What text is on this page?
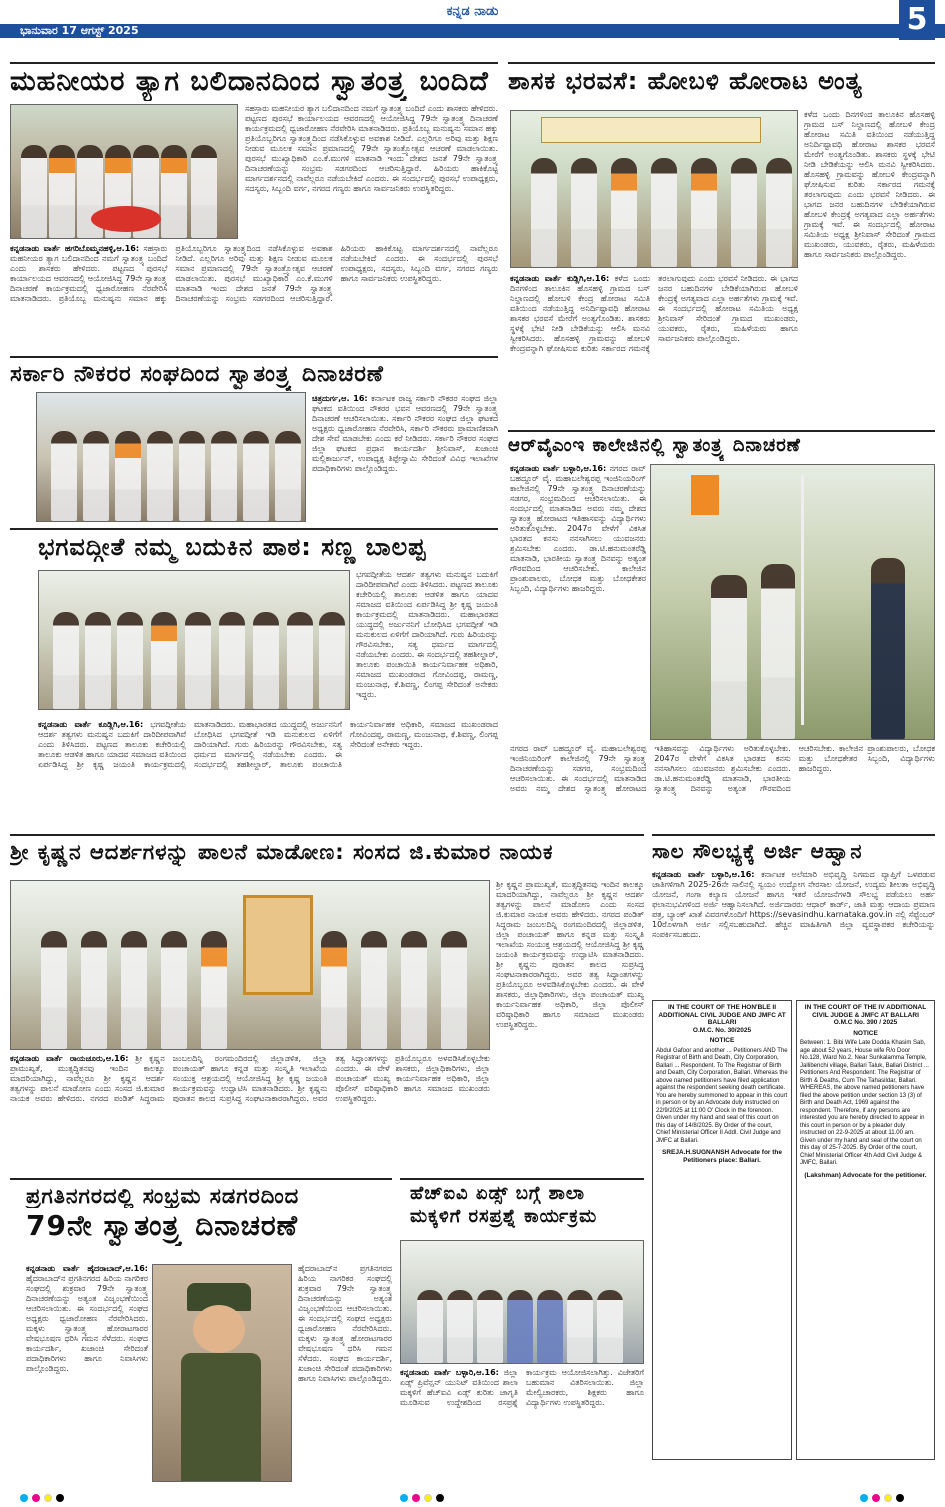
ಭಾನುವಾರ 17 ಆಗಸ್ಟ್ 2025
ಕನ್ನಡ ನಾಡು	5
ಮಹನೀಯರ ತ್ಯಾಗ ಬಲಿದಾನದಿಂದ ಸ್ವಾತಂತ್ರ್ಯ ಬಂದಿದೆ
ಕನ್ನಡನಾಡು ವಾರ್ತೆ ಹಗರಿಬೊಮ್ಮನಹಳ್ಳಿ,ಆ.16: ಸಹಸ್ರಾರು ಮಹನೀಯರ ತ್ಯಾಗ ಬಲಿದಾನದಿಂದ ನಮಗೆ ಸ್ವಾತಂತ್ರ್ಯ ಬಂದಿದೆ ಎಂದು ಶಾಸಕರು ಹೇಳಿದರು. ಪಟ್ಟಣದ ಪುರಸಭೆ ಕಾರ್ಯಾಲಯದ ಆವರಣದಲ್ಲಿ ಆಯೋಜಿಸಿದ್ದ 79ನೇ ಸ್ವಾತಂತ್ರ್ಯ ದಿನಾಚರಣೆ ಕಾರ್ಯಕ್ರಮದಲ್ಲಿ ಧ್ವಜಾರೋಹಣ ನೆರವೇರಿಸಿ ಮಾತನಾಡಿದರು. ಪ್ರತಿಯೊಬ್ಬ ಮನುಷ್ಯನು ಸಮಾನ ಹಕ್ಕು ಪ್ರತಿಯೊಬ್ಬರಿಗೂ ಸ್ವಾತಂತ್ರ್ಯದಿಂದ ನಡೆಸಿಕೊಳ್ಳುವ ಅವಕಾಶ ನೀಡಿದೆ. ಎಲ್ಲರಿಗೂ ಅರಿವು ಮತ್ತು ಶಿಕ್ಷಣ ನೀಡುವ ಮೂಲಕ ಸಮಾನ ಪ್ರಮಾಣದಲ್ಲಿ 79ನೇ ಸ್ವಾತಂತ್ರ್ಯೋತ್ಸವ ಆಚರಣೆ ಮಾಡಲಾಯಿತು. ಪುರಸಭೆ ಮುಖ್ಯಾಧಿಕಾರಿ ಎಂ.ಕೆ.ಮುಗಳಿ ಮಾತನಾಡಿ ಇಂದು ದೇಶದ ಜನತೆ 79ನೇ ಸ್ವಾತಂತ್ರ್ಯ ದಿನಾಚರಣೆಯನ್ನು ಸಂಭ್ರಮ ಸಡಗರದಿಂದ ಆಚರಿಸುತ್ತಿದ್ದಾರೆ. ಹಿರಿಯರು ಹಾಕಿಕೊಟ್ಟ ಮಾರ್ಗದರ್ಶನದಲ್ಲಿ ನಾವೆಲ್ಲರೂ ನಡೆಯಬೇಕಿದೆ ಎಂದರು. ಈ ಸಂದರ್ಭದಲ್ಲಿ ಪುರಸಭೆ ಉಪಾಧ್ಯಕ್ಷರು, ಸದಸ್ಯರು, ಸಿಬ್ಬಂದಿ ವರ್ಗ, ನಗರದ ಗಣ್ಯರು ಹಾಗೂ ಸಾರ್ವಜನಿಕರು ಉಪಸ್ಥಿತರಿದ್ದರು.
ಸಹಸ್ರಾರು ಮಹನೀಯರ ತ್ಯಾಗ ಬಲಿದಾನದಿಂದ ನಮಗೆ ಸ್ವಾತಂತ್ರ್ಯ ಬಂದಿದೆ ಎಂದು ಶಾಸಕರು ಹೇಳಿದರು. ಪಟ್ಟಣದ ಪುರಸಭೆ ಕಾರ್ಯಾಲಯದ ಆವರಣದಲ್ಲಿ ಆಯೋಜಿಸಿದ್ದ 79ನೇ ಸ್ವಾತಂತ್ರ್ಯ ದಿನಾಚರಣೆ ಕಾರ್ಯಕ್ರಮದಲ್ಲಿ ಧ್ವಜಾರೋಹಣ ನೆರವೇರಿಸಿ ಮಾತನಾಡಿದರು. ಪ್ರತಿಯೊಬ್ಬ ಮನುಷ್ಯನು ಸಮಾನ ಹಕ್ಕು ಪ್ರತಿಯೊಬ್ಬರಿಗೂ ಸ್ವಾತಂತ್ರ್ಯದಿಂದ ನಡೆಸಿಕೊಳ್ಳುವ ಅವಕಾಶ ನೀಡಿದೆ. ಎಲ್ಲರಿಗೂ ಅರಿವು ಮತ್ತು ಶಿಕ್ಷಣ ನೀಡುವ ಮೂಲಕ ಸಮಾನ ಪ್ರಮಾಣದಲ್ಲಿ 79ನೇ ಸ್ವಾತಂತ್ರ್ಯೋತ್ಸವ ಆಚರಣೆ ಮಾಡಲಾಯಿತು. ಪುರಸಭೆ ಮುಖ್ಯಾಧಿಕಾರಿ ಎಂ.ಕೆ.ಮುಗಳಿ ಮಾತನಾಡಿ ಇಂದು ದೇಶದ ಜನತೆ 79ನೇ ಸ್ವಾತಂತ್ರ್ಯ ದಿನಾಚರಣೆಯನ್ನು ಸಂಭ್ರಮ ಸಡಗರದಿಂದ ಆಚರಿಸುತ್ತಿದ್ದಾರೆ. ಹಿರಿಯರು ಹಾಕಿಕೊಟ್ಟ ಮಾರ್ಗದರ್ಶನದಲ್ಲಿ ನಾವೆಲ್ಲರೂ ನಡೆಯಬೇಕಿದೆ ಎಂದರು. ಈ ಸಂದರ್ಭದಲ್ಲಿ ಪುರಸಭೆ ಉಪಾಧ್ಯಕ್ಷರು, ಸದಸ್ಯರು, ಸಿಬ್ಬಂದಿ ವರ್ಗ, ನಗರದ ಗಣ್ಯರು ಹಾಗೂ ಸಾರ್ವಜನಿಕರು ಉಪಸ್ಥಿತರಿದ್ದರು.
ಶಾಸಕ ಭರವಸೆ: ಹೋಬಳಿ ಹೋರಾಟ ಅಂತ್ಯ
ಕಳೆದ ಒಂದು ದಿನಗಳಿಂದ ತಾಲೂಕಿನ ಹೊಸಹಳ್ಳಿ ಗ್ರಾಮದ ಬಸ್ ನಿಲ್ದಾಣದಲ್ಲಿ ಹೋಬಳಿ ಕೇಂದ್ರ ಹೋರಾಟ ಸಮಿತಿ ವತಿಯಿಂದ ನಡೆಯುತ್ತಿದ್ದ ಅನಿರ್ದಿಷ್ಟಾವಧಿ ಹೋರಾಟ ಶಾಸಕರ ಭರವಸೆ ಮೇರೆಗೆ ಅಂತ್ಯಗೊಂಡಿತು. ಶಾಸಕರು ಸ್ಥಳಕ್ಕೆ ಭೇಟಿ ನೀಡಿ ಬೇಡಿಕೆಯನ್ನು ಆಲಿಸಿ ಮನವಿ ಸ್ವೀಕರಿಸಿದರು. ಹೊಸಹಳ್ಳಿ ಗ್ರಾಮವನ್ನು ಹೋಬಳಿ ಕೇಂದ್ರವನ್ನಾಗಿ ಘೋಷಿಸುವ ಕುರಿತು ಸರ್ಕಾರದ ಗಮನಕ್ಕೆ ತರಲಾಗುವುದು ಎಂದು ಭರವಸೆ ನೀಡಿದರು. ಈ ಭಾಗದ ಜನರ ಬಹುದಿನಗಳ ಬೇಡಿಕೆಯಾಗಿರುವ ಹೋಬಳಿ ಕೇಂದ್ರಕ್ಕೆ ಅಗತ್ಯವಾದ ಎಲ್ಲಾ ಅರ್ಹತೆಗಳು ಗ್ರಾಮಕ್ಕೆ ಇವೆ. ಈ ಸಂದರ್ಭದಲ್ಲಿ ಹೋರಾಟ ಸಮಿತಿಯ ಅಧ್ಯಕ್ಷ ಶ್ರೀನಿವಾಸ್ ಸೇರಿದಂತೆ ಗ್ರಾಮದ ಮುಖಂಡರು, ಯುವಕರು, ರೈತರು, ಮಹಿಳೆಯರು ಹಾಗೂ ಸಾರ್ವಜನಿಕರು ಪಾಲ್ಗೊಂಡಿದ್ದರು.
ಕನ್ನಡನಾಡು ವಾರ್ತೆ ಕುಡ್ಲಿಗಿ,ಆ.16: ಕಳೆದ ಒಂದು ದಿನಗಳಿಂದ ತಾಲೂಕಿನ ಹೊಸಹಳ್ಳಿ ಗ್ರಾಮದ ಬಸ್ ನಿಲ್ದಾಣದಲ್ಲಿ ಹೋಬಳಿ ಕೇಂದ್ರ ಹೋರಾಟ ಸಮಿತಿ ವತಿಯಿಂದ ನಡೆಯುತ್ತಿದ್ದ ಅನಿರ್ದಿಷ್ಟಾವಧಿ ಹೋರಾಟ ಶಾಸಕರ ಭರವಸೆ ಮೇರೆಗೆ ಅಂತ್ಯಗೊಂಡಿತು. ಶಾಸಕರು ಸ್ಥಳಕ್ಕೆ ಭೇಟಿ ನೀಡಿ ಬೇಡಿಕೆಯನ್ನು ಆಲಿಸಿ ಮನವಿ ಸ್ವೀಕರಿಸಿದರು. ಹೊಸಹಳ್ಳಿ ಗ್ರಾಮವನ್ನು ಹೋಬಳಿ ಕೇಂದ್ರವನ್ನಾಗಿ ಘೋಷಿಸುವ ಕುರಿತು ಸರ್ಕಾರದ ಗಮನಕ್ಕೆ ತರಲಾಗುವುದು ಎಂದು ಭರವಸೆ ನೀಡಿದರು. ಈ ಭಾಗದ ಜನರ ಬಹುದಿನಗಳ ಬೇಡಿಕೆಯಾಗಿರುವ ಹೋಬಳಿ ಕೇಂದ್ರಕ್ಕೆ ಅಗತ್ಯವಾದ ಎಲ್ಲಾ ಅರ್ಹತೆಗಳು ಗ್ರಾಮಕ್ಕೆ ಇವೆ. ಈ ಸಂದರ್ಭದಲ್ಲಿ ಹೋರಾಟ ಸಮಿತಿಯ ಅಧ್ಯಕ್ಷ ಶ್ರೀನಿವಾಸ್ ಸೇರಿದಂತೆ ಗ್ರಾಮದ ಮುಖಂಡರು, ಯುವಕರು, ರೈತರು, ಮಹಿಳೆಯರು ಹಾಗೂ ಸಾರ್ವಜನಿಕರು ಪಾಲ್ಗೊಂಡಿದ್ದರು.
ಸರ್ಕಾರಿ ನೌಕರರ ಸಂಘದಿಂದ ಸ್ವಾತಂತ್ರ್ಯ ದಿನಾಚರಣೆ
ಚಿತ್ರದುರ್ಗ,ಆ. 16: ಕರ್ನಾಟಕ ರಾಜ್ಯ ಸರ್ಕಾರಿ ನೌಕರರ ಸಂಘದ ಜಿಲ್ಲಾ ಘಟಕದ ವತಿಯಿಂದ ನೌಕರರ ಭವನ ಆವರಣದಲ್ಲಿ 79ನೇ ಸ್ವಾತಂತ್ರ್ಯ ದಿನಾಚರಣೆ ಆಚರಿಸಲಾಯಿತು. ಸರ್ಕಾರಿ ನೌಕರರ ಸಂಘದ ಜಿಲ್ಲಾ ಘಟಕದ ಅಧ್ಯಕ್ಷರು ಧ್ವಜಾರೋಹಣ ನೆರವೇರಿಸಿ, ಸರ್ಕಾರಿ ನೌಕರರು ಪ್ರಾಮಾಣಿಕವಾಗಿ ದೇಶ ಸೇವೆ ಮಾಡಬೇಕು ಎಂದು ಕರೆ ನೀಡಿದರು. ಸರ್ಕಾರಿ ನೌಕರರ ಸಂಘದ ಜಿಲ್ಲಾ ಘಟಕದ ಪ್ರಧಾನ ಕಾರ್ಯದರ್ಶಿ ಶ್ರೀನಿವಾಸ್, ಖಜಾಂಚಿ ಮಲ್ಲಿಕಾರ್ಜುನ್, ಉಪಾಧ್ಯಕ್ಷ ತಿಪ್ಪೇಸ್ವಾಮಿ ಸೇರಿದಂತೆ ವಿವಿಧ ಇಲಾಖೆಗಳ ಪದಾಧಿಕಾರಿಗಳು ಪಾಲ್ಗೊಂಡಿದ್ದರು.
ಆರ್‌ವೈಎಂಇ ಕಾಲೇಜಿನಲ್ಲಿ ಸ್ವಾತಂತ್ರ್ಯ ದಿನಾಚರಣೆ
ಕನ್ನಡನಾಡು ವಾರ್ತೆ ಬಳ್ಳಾರಿ,ಆ.16: ನಗರದ ರಾವ್ ಬಹದ್ದೂರ್ ವೈ. ಮಹಾಬಲೇಶ್ವರಪ್ಪ ಇಂಜಿನಿಯರಿಂಗ್ ಕಾಲೇಜಿನಲ್ಲಿ 79ನೇ ಸ್ವಾತಂತ್ರ್ಯ ದಿನಾಚರಣೆಯನ್ನು ಸಡಗರ, ಸಂಭ್ರಮದಿಂದ ಆಚರಿಸಲಾಯಿತು. ಈ ಸಂದರ್ಭದಲ್ಲಿ ಮಾತನಾಡಿದ ಅವರು ನಮ್ಮ ದೇಶದ ಸ್ವಾತಂತ್ರ್ಯ ಹೋರಾಟದ ಇತಿಹಾಸವನ್ನು ವಿದ್ಯಾರ್ಥಿಗಳು ಅರಿತುಕೊಳ್ಳಬೇಕು. 2047ರ ವೇಳೆಗೆ ವಿಕಸಿತ ಭಾರತದ ಕನಸು ನನಸಾಗಿಸಲು ಯುವಜನರು ಶ್ರಮಿಸಬೇಕು ಎಂದರು. ಡಾ.ಟಿ.ಹನುಮಂತರೆಡ್ಡಿ ಮಾತನಾಡಿ, ಭಾರತೀಯ ಸ್ವಾತಂತ್ರ್ಯ ದಿನವನ್ನು ಅತ್ಯಂತ ಗೌರವದಿಂದ ಆಚರಿಸಬೇಕು. ಕಾಲೇಜಿನ ಪ್ರಾಂಶುಪಾಲರು, ಬೋಧಕ ಮತ್ತು ಬೋಧಕೇತರ ಸಿಬ್ಬಂದಿ, ವಿದ್ಯಾರ್ಥಿಗಳು ಹಾಜರಿದ್ದರು.
ನಗರದ ರಾವ್ ಬಹದ್ದೂರ್ ವೈ. ಮಹಾಬಲೇಶ್ವರಪ್ಪ ಇಂಜಿನಿಯರಿಂಗ್ ಕಾಲೇಜಿನಲ್ಲಿ 79ನೇ ಸ್ವಾತಂತ್ರ್ಯ ದಿನಾಚರಣೆಯನ್ನು ಸಡಗರ, ಸಂಭ್ರಮದಿಂದ ಆಚರಿಸಲಾಯಿತು. ಈ ಸಂದರ್ಭದಲ್ಲಿ ಮಾತನಾಡಿದ ಅವರು ನಮ್ಮ ದೇಶದ ಸ್ವಾತಂತ್ರ್ಯ ಹೋರಾಟದ ಇತಿಹಾಸವನ್ನು ವಿದ್ಯಾರ್ಥಿಗಳು ಅರಿತುಕೊಳ್ಳಬೇಕು. 2047ರ ವೇಳೆಗೆ ವಿಕಸಿತ ಭಾರತದ ಕನಸು ನನಸಾಗಿಸಲು ಯುವಜನರು ಶ್ರಮಿಸಬೇಕು ಎಂದರು. ಡಾ.ಟಿ.ಹನುಮಂತರೆಡ್ಡಿ ಮಾತನಾಡಿ, ಭಾರತೀಯ ಸ್ವಾತಂತ್ರ್ಯ ದಿನವನ್ನು ಅತ್ಯಂತ ಗೌರವದಿಂದ ಆಚರಿಸಬೇಕು. ಕಾಲೇಜಿನ ಪ್ರಾಂಶುಪಾಲರು, ಬೋಧಕ ಮತ್ತು ಬೋಧಕೇತರ ಸಿಬ್ಬಂದಿ, ವಿದ್ಯಾರ್ಥಿಗಳು ಹಾಜರಿದ್ದರು.
ಭಗವದ್ಗೀತೆ ನಮ್ಮ ಬದುಕಿನ ಪಾಠ: ಸಣ್ಣ ಬಾಲಪ್ಪ
ಭಗವದ್ಗೀತೆಯ ಆದರ್ಶ ತತ್ವಗಳು ಮನುಷ್ಯನ ಬದುಕಿಗೆ ದಾರಿದೀಪವಾಗಿವೆ ಎಂದು ತಿಳಿಸಿದರು. ಪಟ್ಟಣದ ತಾಲೂಕು ಕಚೇರಿಯಲ್ಲಿ ತಾಲೂಕು ಆಡಳಿತ ಹಾಗೂ ಯಾದವ ಸಮಾಜದ ವತಿಯಿಂದ ಏರ್ಪಡಿಸಿದ್ದ ಶ್ರೀ ಕೃಷ್ಣ ಜಯಂತಿ ಕಾರ್ಯಕ್ರಮದಲ್ಲಿ ಮಾತನಾಡಿದರು. ಮಹಾಭಾರತದ ಯುದ್ಧದಲ್ಲಿ ಅರ್ಜುನನಿಗೆ ಬೋಧಿಸಿದ ಭಗವದ್ಗೀತೆ ಇಡಿ ಮನುಕುಲದ ಏಳಿಗೆಗೆ ದಾರಿಯಾಗಿದೆ. ಗುರು ಹಿರಿಯರನ್ನು ಗೌರವಿಸಬೇಕು, ಸತ್ಯ ಧರ್ಮದ ಮಾರ್ಗದಲ್ಲಿ ನಡೆಯಬೇಕು ಎಂದರು. ಈ ಸಂದರ್ಭದಲ್ಲಿ ತಹಶೀಲ್ದಾರ್, ತಾಲೂಕು ಪಂಚಾಯಿತಿ ಕಾರ್ಯನಿರ್ವಾಹಕ ಅಧಿಕಾರಿ, ಸಮಾಜದ ಮುಖಂಡರಾದ ಗೋವಿಂದಪ್ಪ, ರಾಮಣ್ಣ, ಮಂಜುನಾಥ, ಕೆ.ಶಿವಣ್ಣ, ಲಿಂಗಪ್ಪ ಸೇರಿದಂತೆ ಅನೇಕರು ಇದ್ದರು.
ಕನ್ನಡನಾಡು ವಾರ್ತೆ ಕೂಡ್ಲಿಗಿ,ಆ.16: ಭಗವದ್ಗೀತೆಯ ಆದರ್ಶ ತತ್ವಗಳು ಮನುಷ್ಯನ ಬದುಕಿಗೆ ದಾರಿದೀಪವಾಗಿವೆ ಎಂದು ತಿಳಿಸಿದರು. ಪಟ್ಟಣದ ತಾಲೂಕು ಕಚೇರಿಯಲ್ಲಿ ತಾಲೂಕು ಆಡಳಿತ ಹಾಗೂ ಯಾದವ ಸಮಾಜದ ವತಿಯಿಂದ ಏರ್ಪಡಿಸಿದ್ದ ಶ್ರೀ ಕೃಷ್ಣ ಜಯಂತಿ ಕಾರ್ಯಕ್ರಮದಲ್ಲಿ ಮಾತನಾಡಿದರು. ಮಹಾಭಾರತದ ಯುದ್ಧದಲ್ಲಿ ಅರ್ಜುನನಿಗೆ ಬೋಧಿಸಿದ ಭಗವದ್ಗೀತೆ ಇಡಿ ಮನುಕುಲದ ಏಳಿಗೆಗೆ ದಾರಿಯಾಗಿದೆ. ಗುರು ಹಿರಿಯರನ್ನು ಗೌರವಿಸಬೇಕು, ಸತ್ಯ ಧರ್ಮದ ಮಾರ್ಗದಲ್ಲಿ ನಡೆಯಬೇಕು ಎಂದರು. ಈ ಸಂದರ್ಭದಲ್ಲಿ ತಹಶೀಲ್ದಾರ್, ತಾಲೂಕು ಪಂಚಾಯಿತಿ ಕಾರ್ಯನಿರ್ವಾಹಕ ಅಧಿಕಾರಿ, ಸಮಾಜದ ಮುಖಂಡರಾದ ಗೋವಿಂದಪ್ಪ, ರಾಮಣ್ಣ, ಮಂಜುನಾಥ, ಕೆ.ಶಿವಣ್ಣ, ಲಿಂಗಪ್ಪ ಸೇರಿದಂತೆ ಅನೇಕರು ಇದ್ದರು.
ಶ್ರೀ ಕೃಷ್ಣನ ಆದರ್ಶಗಳನ್ನು ಪಾಲನೆ ಮಾಡೋಣ: ಸಂಸದ ಜಿ.ಕುಮಾರ ನಾಯಕ
ಶ್ರೀ ಕೃಷ್ಣನ ಪ್ರಾಮುಖ್ಯತೆ, ಮುತ್ಸದ್ಧಿತನವು ಇಂದಿನ ಕಾಲಕ್ಕೂ ಮಾದರಿಯಾಗಿದ್ದು, ನಾವೆಲ್ಲರೂ ಶ್ರೀ ಕೃಷ್ಣನ ಆದರ್ಶ ತತ್ವಗಳನ್ನು ಪಾಲನೆ ಮಾಡೋಣ ಎಂದು ಸಂಸದ ಜಿ.ಕುಮಾರ ನಾಯಕ ಅವರು ಹೇಳಿದರು. ನಗರದ ಪಂಡಿತ್ ಸಿದ್ಧರಾಮ ಜಂಬಲದಿನ್ನಿ ರಂಗಮಂದಿರದಲ್ಲಿ ಜಿಲ್ಲಾಡಳಿತ, ಜಿಲ್ಲಾ ಪಂಚಾಯತ್ ಹಾಗೂ ಕನ್ನಡ ಮತ್ತು ಸಂಸ್ಕೃತಿ ಇಲಾಖೆಯ ಸಂಯುಕ್ತ ಆಶ್ರಯದಲ್ಲಿ ಆಯೋಜಿಸಿದ್ದ ಶ್ರೀ ಕೃಷ್ಣ ಜಯಂತಿ ಕಾರ್ಯಕ್ರಮವನ್ನು ಉದ್ಘಾಟಿಸಿ ಮಾತನಾಡಿದರು. ಶ್ರೀ ಕೃಷ್ಣನು ಪುರಾತನ ಕಾಲದ ಸುಪ್ರಸಿದ್ಧ ಸಂಘಟನಾಕಾರರಾಗಿದ್ದರು. ಅವರ ತತ್ವ ಸಿದ್ಧಾಂತಗಳನ್ನು ಪ್ರತಿಯೊಬ್ಬರೂ ಅಳವಡಿಸಿಕೊಳ್ಳಬೇಕು ಎಂದರು. ಈ ವೇಳೆ ಶಾಸಕರು, ಜಿಲ್ಲಾಧಿಕಾರಿಗಳು, ಜಿಲ್ಲಾ ಪಂಚಾಯತ್ ಮುಖ್ಯ ಕಾರ್ಯನಿರ್ವಾಹಕ ಅಧಿಕಾರಿ, ಜಿಲ್ಲಾ ಪೊಲೀಸ್ ವರಿಷ್ಠಾಧಿಕಾರಿ ಹಾಗೂ ಸಮಾಜದ ಮುಖಂಡರು ಉಪಸ್ಥಿತರಿದ್ದರು.
ಕನ್ನಡನಾಡು ವಾರ್ತೆ ರಾಯಚೂರು,ಆ.16: ಶ್ರೀ ಕೃಷ್ಣನ ಪ್ರಾಮುಖ್ಯತೆ, ಮುತ್ಸದ್ಧಿತನವು ಇಂದಿನ ಕಾಲಕ್ಕೂ ಮಾದರಿಯಾಗಿದ್ದು, ನಾವೆಲ್ಲರೂ ಶ್ರೀ ಕೃಷ್ಣನ ಆದರ್ಶ ತತ್ವಗಳನ್ನು ಪಾಲನೆ ಮಾಡೋಣ ಎಂದು ಸಂಸದ ಜಿ.ಕುಮಾರ ನಾಯಕ ಅವರು ಹೇಳಿದರು. ನಗರದ ಪಂಡಿತ್ ಸಿದ್ಧರಾಮ ಜಂಬಲದಿನ್ನಿ ರಂಗಮಂದಿರದಲ್ಲಿ ಜಿಲ್ಲಾಡಳಿತ, ಜಿಲ್ಲಾ ಪಂಚಾಯತ್ ಹಾಗೂ ಕನ್ನಡ ಮತ್ತು ಸಂಸ್ಕೃತಿ ಇಲಾಖೆಯ ಸಂಯುಕ್ತ ಆಶ್ರಯದಲ್ಲಿ ಆಯೋಜಿಸಿದ್ದ ಶ್ರೀ ಕೃಷ್ಣ ಜಯಂತಿ ಕಾರ್ಯಕ್ರಮವನ್ನು ಉದ್ಘಾಟಿಸಿ ಮಾತನಾಡಿದರು. ಶ್ರೀ ಕೃಷ್ಣನು ಪುರಾತನ ಕಾಲದ ಸುಪ್ರಸಿದ್ಧ ಸಂಘಟನಾಕಾರರಾಗಿದ್ದರು. ಅವರ ತತ್ವ ಸಿದ್ಧಾಂತಗಳನ್ನು ಪ್ರತಿಯೊಬ್ಬರೂ ಅಳವಡಿಸಿಕೊಳ್ಳಬೇಕು ಎಂದರು. ಈ ವೇಳೆ ಶಾಸಕರು, ಜಿಲ್ಲಾಧಿಕಾರಿಗಳು, ಜಿಲ್ಲಾ ಪಂಚಾಯತ್ ಮುಖ್ಯ ಕಾರ್ಯನಿರ್ವಾಹಕ ಅಧಿಕಾರಿ, ಜಿಲ್ಲಾ ಪೊಲೀಸ್ ವರಿಷ್ಠಾಧಿಕಾರಿ ಹಾಗೂ ಸಮಾಜದ ಮುಖಂಡರು ಉಪಸ್ಥಿತರಿದ್ದರು.
ಸಾಲ ಸೌಲಭ್ಯಕ್ಕೆ ಅರ್ಜಿ ಆಹ್ವಾನ
ಕನ್ನಡನಾಡು ವಾರ್ತೆ ಬಳ್ಳಾರಿ,ಆ.16: ಕರ್ನಾಟಕ ಅಲೆಮಾರಿ ಅಭಿವೃದ್ಧಿ ನಿಗಮದ ವ್ಯಾಪ್ತಿಗೆ ಒಳಪಡುವ ಜಾತಿಗಳಿಗಾಗಿ 2025-26ನೇ ಸಾಲಿನಲ್ಲಿ ಸ್ವಯಂ ಉದ್ಯೋಗ ನೇರಸಾಲ ಯೋಜನೆ, ಉದ್ಯಮ ಶೀಲತಾ ಅಭಿವೃದ್ಧಿ ಯೋಜನೆ, ಗಂಗಾ ಕಲ್ಯಾಣ ಯೋಜನೆ ಹಾಗೂ ಇತರೆ ಯೋಜನೆಗಳಡಿ ಸೌಲಭ್ಯ ಪಡೆಯಲು ಅರ್ಹ ಫಲಾನುಭವಿಗಳಿಂದ ಅರ್ಜಿ ಆಹ್ವಾನಿಸಲಾಗಿದೆ. ಅರ್ಜಿದಾರರು ಆಧಾರ್ ಕಾರ್ಡ್, ಜಾತಿ ಮತ್ತು ಆದಾಯ ಪ್ರಮಾಣ ಪತ್ರ, ಬ್ಯಾಂಕ್ ಖಾತೆ ವಿವರಗಳೊಂದಿಗೆ https://sevasindhu.karnataka.gov.in ನಲ್ಲಿ ಸೆಪ್ಟೆಂಬರ್ 10ರೊಳಗಾಗಿ ಅರ್ಜಿ ಸಲ್ಲಿಸಬಹುದಾಗಿದೆ. ಹೆಚ್ಚಿನ ಮಾಹಿತಿಗಾಗಿ ಜಿಲ್ಲಾ ವ್ಯವಸ್ಥಾಪಕರ ಕಚೇರಿಯನ್ನು ಸಂಪರ್ಕಿಸಬಹುದು.
IN THE COURT OF THE HON'BLE II ADDITIONAL CIVIL JUDGE AND JMFC AT BALLARI
O.M.C. No. 30/2025
NOTICE
Abdul Gafoor and another ... Petitioners AND The Registrar of Birth and Death, City Corporation, Ballari ... Respondent. To The Registrar of Birth and Death, City Corporation, Ballari. Whereas the above named petitioners have filed application against the respondent seeking death certificate. You are hereby summoned to appear in this court in person or by an Advocate duly instructed on 22/9/2025 at 11:00 O' Clock in the forenoon. Given under my hand and seal of this court on this day of 14/8/2025. By Order of the court, Chief Ministerial Officer II Addl. Civil Judge and JMFC at Ballari.
SREJA.H.SUGNANSH Advocate for the Petitioners place: Ballari.
IN THE COURT OF THE IV ADDITIONAL CIVIL JUDGE & JMFC AT BALLARI
O.M.C No. 390 / 2025
NOTICE
Between: 1. Bibi Wife Late Dodda Khasim Sab, age about 52 years, House wife R/o Door No.128, Ward No.2, Near Sunkalamma Temple, Jallibenchi village, Ballari Taluk, Ballari District ... Petitioners And Respondent: The Registrar of Birth & Deaths, Cum The Tahasildar, Ballari. WHEREAS, the above named petitioners have filed the above petition under section 13 (3) of Birth and Death Act, 1969 against the respondent. Therefore, if any persons are interested you are hereby directed to appear in this court in person or by a pleader duly instructed on 22-9-2025 at about 11.00 am. Given under my hand and seal of the court on this day of 25-7-2025. By Order of the court, Chief Ministerial Officer 4th Addl Civil Judge & JMFC, Ballari.
(Lakshman) Advocate for the petitioner.
ಪ್ರಗತಿನಗರದಲ್ಲಿ ಸಂಭ್ರಮ ಸಡಗರದಿಂದ
79ನೇ ಸ್ವಾತಂತ್ರ್ಯ ದಿನಾಚರಣೆ
ಕನ್ನಡನಾಡು ವಾರ್ತೆ ಹೈದರಾಬಾದ್,ಆ.16: ಹೈದರಾಬಾದ್‌ನ ಪ್ರಗತಿನಗರದ ಹಿರಿಯ ನಾಗರಿಕರ ಸಂಘದಲ್ಲಿ ಶುಕ್ರವಾರ 79ನೇ ಸ್ವಾತಂತ್ರ್ಯ ದಿನಾಚರಣೆಯನ್ನು ಅತ್ಯಂತ ವಿಜೃಂಭಣೆಯಿಂದ ಆಚರಿಸಲಾಯಿತು. ಈ ಸಂದರ್ಭದಲ್ಲಿ ಸಂಘದ ಅಧ್ಯಕ್ಷರು ಧ್ವಜಾರೋಹಣ ನೆರವೇರಿಸಿದರು. ಮಕ್ಕಳು ಸ್ವಾತಂತ್ರ್ಯ ಹೋರಾಟಗಾರರ ವೇಷಭೂಷಣ ಧರಿಸಿ ಗಮನ ಸೆಳೆದರು. ಸಂಘದ ಕಾರ್ಯದರ್ಶಿ, ಖಜಾಂಚಿ ಸೇರಿದಂತೆ ಪದಾಧಿಕಾರಿಗಳು ಹಾಗೂ ನಿವಾಸಿಗಳು ಪಾಲ್ಗೊಂಡಿದ್ದರು.
ಹೈದರಾಬಾದ್‌ನ ಪ್ರಗತಿನಗರದ ಹಿರಿಯ ನಾಗರಿಕರ ಸಂಘದಲ್ಲಿ ಶುಕ್ರವಾರ 79ನೇ ಸ್ವಾತಂತ್ರ್ಯ ದಿನಾಚರಣೆಯನ್ನು ಅತ್ಯಂತ ವಿಜೃಂಭಣೆಯಿಂದ ಆಚರಿಸಲಾಯಿತು. ಈ ಸಂದರ್ಭದಲ್ಲಿ ಸಂಘದ ಅಧ್ಯಕ್ಷರು ಧ್ವಜಾರೋಹಣ ನೆರವೇರಿಸಿದರು. ಮಕ್ಕಳು ಸ್ವಾತಂತ್ರ್ಯ ಹೋರಾಟಗಾರರ ವೇಷಭೂಷಣ ಧರಿಸಿ ಗಮನ ಸೆಳೆದರು. ಸಂಘದ ಕಾರ್ಯದರ್ಶಿ, ಖಜಾಂಚಿ ಸೇರಿದಂತೆ ಪದಾಧಿಕಾರಿಗಳು ಹಾಗೂ ನಿವಾಸಿಗಳು ಪಾಲ್ಗೊಂಡಿದ್ದರು.
ಹೆಚ್‌ಐವಿ ಏಡ್ಸ್ ಬಗ್ಗೆ ಶಾಲಾ
ಮಕ್ಕಳಿಗೆ ರಸಪ್ರಶ್ನೆ ಕಾರ್ಯಕ್ರಮ
ಕನ್ನಡನಾಡು ವಾರ್ತೆ ಬಳ್ಳಾರಿ,ಆ.16: ಜಿಲ್ಲಾ ಏಡ್ಸ್ ಪ್ರಿವೆನ್ಷನ್ ಯುನಿಟ್ ವತಿಯಿಂದ ಶಾಲಾ ಮಕ್ಕಳಿಗೆ ಹೆಚ್‌ಐವಿ ಏಡ್ಸ್ ಕುರಿತು ಜಾಗೃತಿ ಮೂಡಿಸುವ ಉದ್ದೇಶದಿಂದ ರಸಪ್ರಶ್ನೆ ಕಾರ್ಯಕ್ರಮ ಆಯೋಜಿಸಲಾಗಿತ್ತು. ವಿಜೇತರಿಗೆ ಬಹುಮಾನ ವಿತರಿಸಲಾಯಿತು. ಜಿಲ್ಲಾ ಮೇಲ್ವಿಚಾರಕರು, ಶಿಕ್ಷಕರು ಹಾಗೂ ವಿದ್ಯಾರ್ಥಿಗಳು ಉಪಸ್ಥಿತರಿದ್ದರು.
